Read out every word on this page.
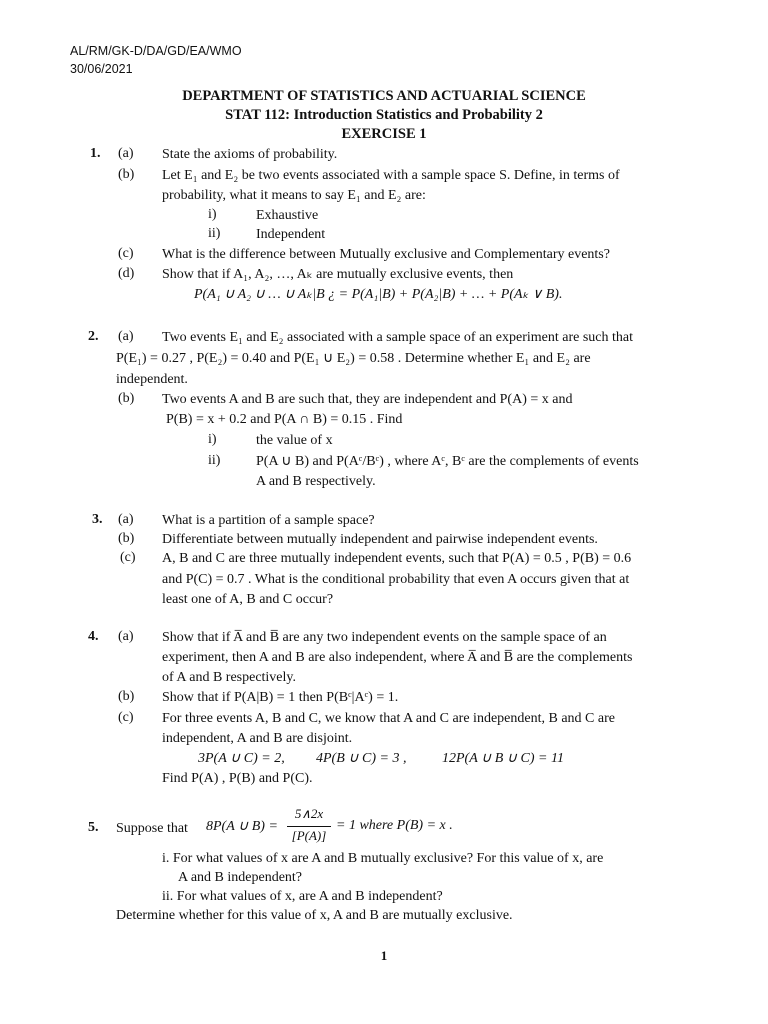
AL/RM/GK-D/DA/GD/EA/WMO
30/06/2021
DEPARTMENT OF STATISTICS AND ACTUARIAL SCIENCE
STAT 112: Introduction Statistics and Probability 2
EXERCISE 1
1. (a) State the axioms of probability.
(b) Let E₁ and E₂ be two events associated with a sample space S. Define, in terms of
probability, what it means to say E₁ and E₂ are:
i)	Exhaustive
ii)	Independent
(c) What is the difference between Mutually exclusive and Complementary events?
(d) Show that if A₁, A₂, …, Aₖ are mutually exclusive events, then
P(A₁ ∪ A₂ ∪ … ∪ Aₖ|B ¿ = P(A₁|B) + P(A₂|B) + … + P(Aₖ ∨ B).
2. (a) Two events E₁ and E₂ associated with a sample space of an experiment are such that
P(E₁) = 0.27 , P(E₂) = 0.40 and P(E₁ ∪ E₂) = 0.58 . Determine whether E₁ and E₂ are
independent.
(b) Two events A and B are such that, they are independent and P(A) = x and
P(B) = x + 0.2 and P(A ∩ B) = 0.15 . Find
i)	the value of x
ii)	P(A ∪ B) and P(Aᶜ/Bᶜ) , where Aᶜ, Bᶜ are the complements of events
A and B respectively.
3. (a) What is a partition of a sample space?
(b) Differentiate between mutually independent and pairwise independent events.
(c) A, B and C are three mutually independent events, such that P(A) = 0.5 , P(B) = 0.6
and P(C) = 0.7 . What is the conditional probability that even A occurs given that at
least one of A, B and C occur?
4. (a) Show that if A̅ and B̅ are any two independent events on the sample space of an
experiment, then A and B are also independent, where A̅ and B̅ are the complements
of A and B respectively.
(b) Show that if P(A|B) = 1 then P(Bᶜ|Aᶜ) = 1.
(c) For three events A, B and C, we know that A and C are independent, B and C are
independent, A and B are disjoint.
3P(A ∪ C) = 2, 4P(B ∪ C) = 3 ,	12P(A ∪ B ∪ C) = 11
Find P(A) , P(B) and P(C).
5. Suppose that 8P(A ∪ B) =
5∧2x
[P(A)]
= 1 where P(B) = x .
i. For what values of x are A and B mutually exclusive? For this value of x, are
A and B independent?
ii. For what values of x, are A and B independent?
Determine whether for this value of x, A and B are mutually exclusive.
1
